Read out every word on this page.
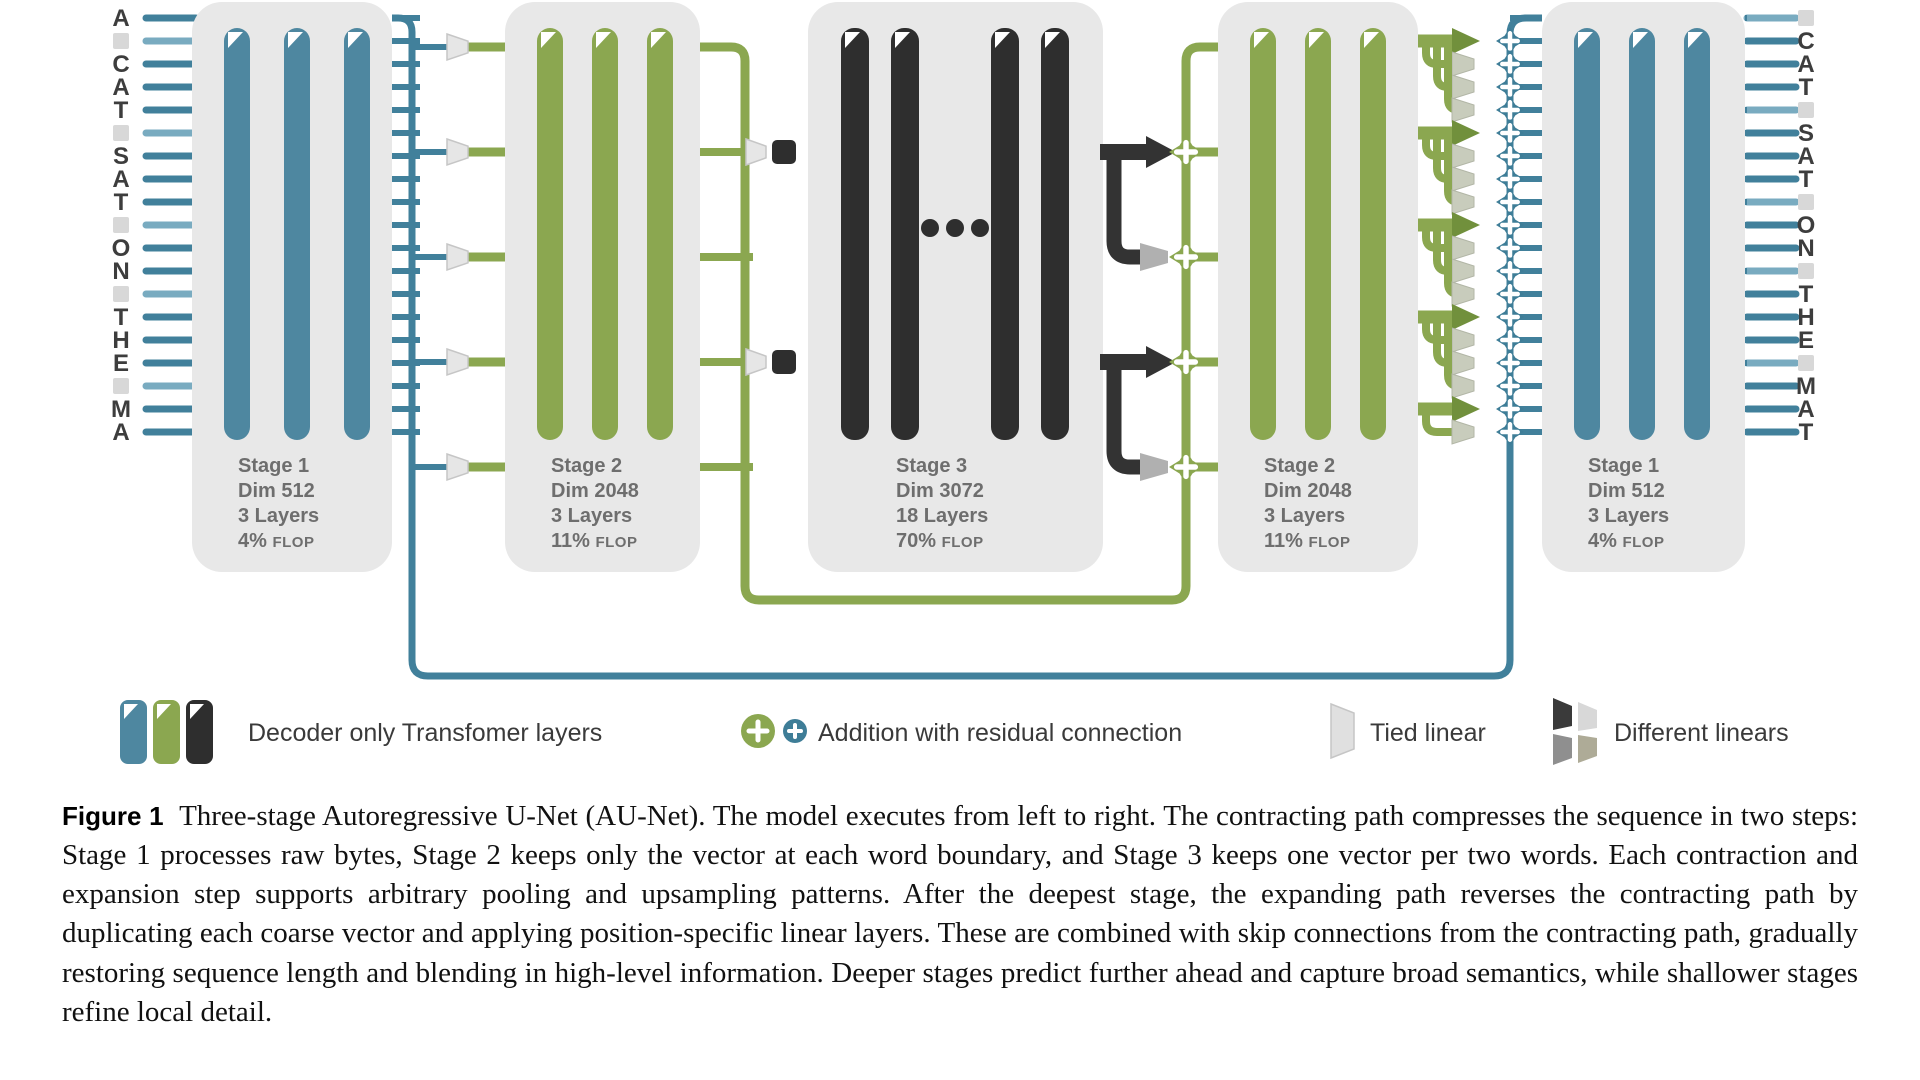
A
C
A
T
S
A
T
O
N
T
H
E
M
A
C
A
T
S
A
T
O
N
T
H
E
M
A
T
Stage 1
Dim 512
3 Layers
4% FLOP
Stage 2
Dim 2048
3 Layers
11% FLOP
Stage 3
Dim 3072
18 Layers
70% FLOP
Stage 2
Dim 2048
3 Layers
11% FLOP
Stage 1
Dim 512
3 Layers
4% FLOP
Decoder only Transfomer layers	Addition with residual connection	Tied linear	Different linears
Figure 1 Three-stage Autoregressive U-Net (AU-Net). The model executes from left to right. The contracting path compresses the sequence in two steps: Stage 1 processes raw bytes, Stage 2 keeps only the vector at each word boundary, and Stage 3 keeps one vector per two words. Each contraction and expansion step supports arbitrary pooling and upsampling patterns. After the deepest stage, the expanding path reverses the contracting path by duplicating each coarse vector and applying position-specific linear layers. These are combined with skip connections from the contracting path, gradually restoring sequence length and blending in high-level information. Deeper stages predict further ahead and capture broad semantics, while shallower stages refine local detail.
